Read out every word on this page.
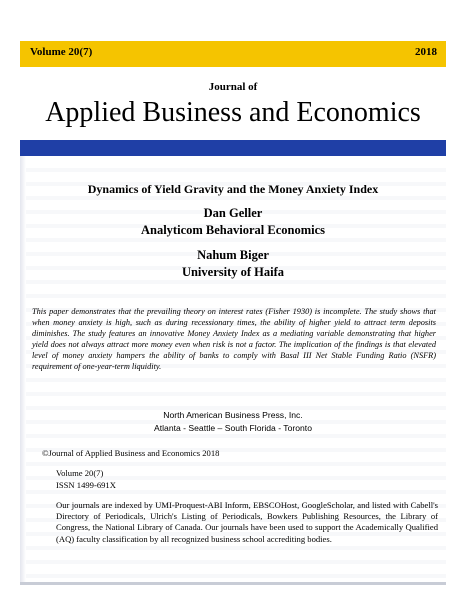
Volume 20(7)	2018
Journal of
Applied Business and Economics
Dynamics of Yield Gravity and the Money Anxiety Index
Dan Geller
Analyticom Behavioral Economics
Nahum Biger
University of Haifa
This paper demonstrates that the prevailing theory on interest rates (Fisher 1930) is incomplete. The study shows that when money anxiety is high, such as during recessionary times, the ability of higher yield to attract term deposits diminishes. The study features an innovative Money Anxiety Index as a mediating variable demonstrating that higher yield does not always attract more money even when risk is not a factor. The implication of the findings is that elevated level of money anxiety hampers the ability of banks to comply with Basal III Net Stable Funding Ratio (NSFR) requirement of one-year-term liquidity.
North American Business Press, Inc.
Atlanta - Seattle – South Florida - Toronto
©Journal of Applied Business and Economics 2018
Volume 20(7)
ISSN 1499-691X
Our journals are indexed by UMI-Proquest-ABI Inform, EBSCOHost, GoogleScholar, and listed with Cabell's Directory of Periodicals, Ulrich's Listing of Periodicals, Bowkers Publishing Resources, the Library of Congress, the National Library of Canada. Our journals have been used to support the Academically Qualified (AQ) faculty classification by all recognized business school accrediting bodies.
